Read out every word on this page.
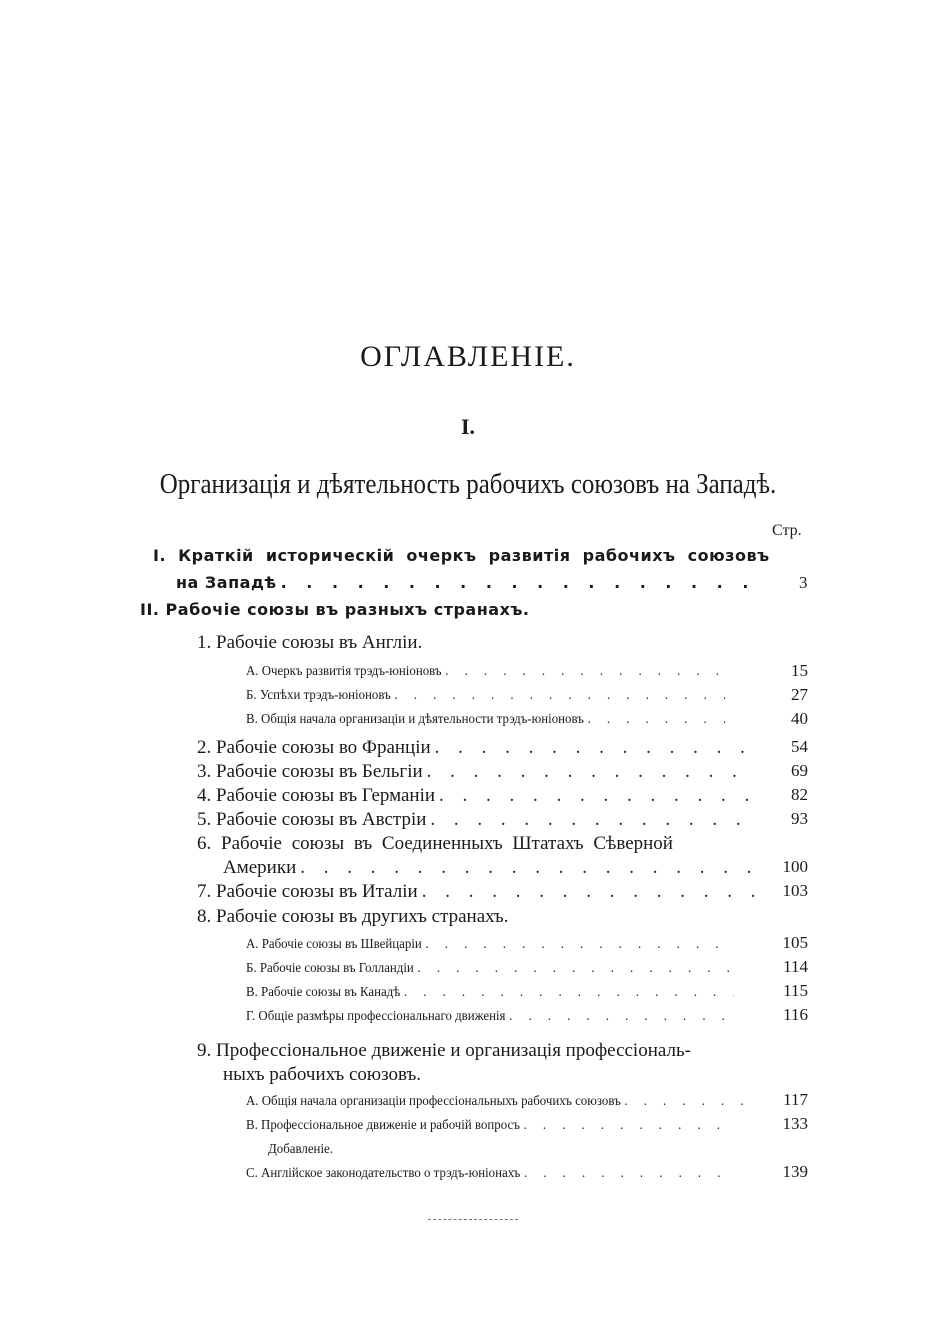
ОГЛАВЛЕНІЕ.
I.
Организація и дѣятельность рабочихъ союзовъ на Западѣ.
Стр.
I. Краткій историческій очеркъ развитія рабочихъ союзовъ
на Западѣ . . .	3
II. Рабочіе союзы въ разныхъ странахъ.
1. Рабочіе союзы въ Англіи.
А. Очеркъ развитія трэдъ-юніоновъ . . .	15
Б. Успѣхи трэдъ-юніоновъ . . .	27
В. Общія начала организаціи и дѣятельности трэдъ-юніоновъ . . .	40
2. Рабочіе союзы во Франціи . . .	54
3. Рабочіе союзы въ Бельгіи . . .	69
4. Рабочіе союзы въ Германіи . . .	82
5. Рабочіе союзы въ Австріи . . .	93
6. Рабочіе союзы въ Соединенныхъ Штатахъ Сѣверной
Америки . . .	100
7. Рабочіе союзы въ Италіи . . .	103
8. Рабочіе союзы въ другихъ странахъ.
А. Рабочіе союзы въ Швейцаріи . . .	105
Б. Рабочіе союзы въ Голландіи . . .	114
В. Рабочіе союзы въ Канадѣ . . .	115
Г. Общіе размѣры профессіональнаго движенія . . .	116
9. Профессіональное движеніе и организація профессіональ-
ныхъ рабочихъ союзовъ.
А. Общія начала организаціи профессіональныхъ рабочихъ союзовъ . . .	117
В. Профессіональное движеніе и рабочій вопросъ . . .	133
Добавленіе.
С. Англійское законодательство о трэдъ-юніонахъ . . .	139
